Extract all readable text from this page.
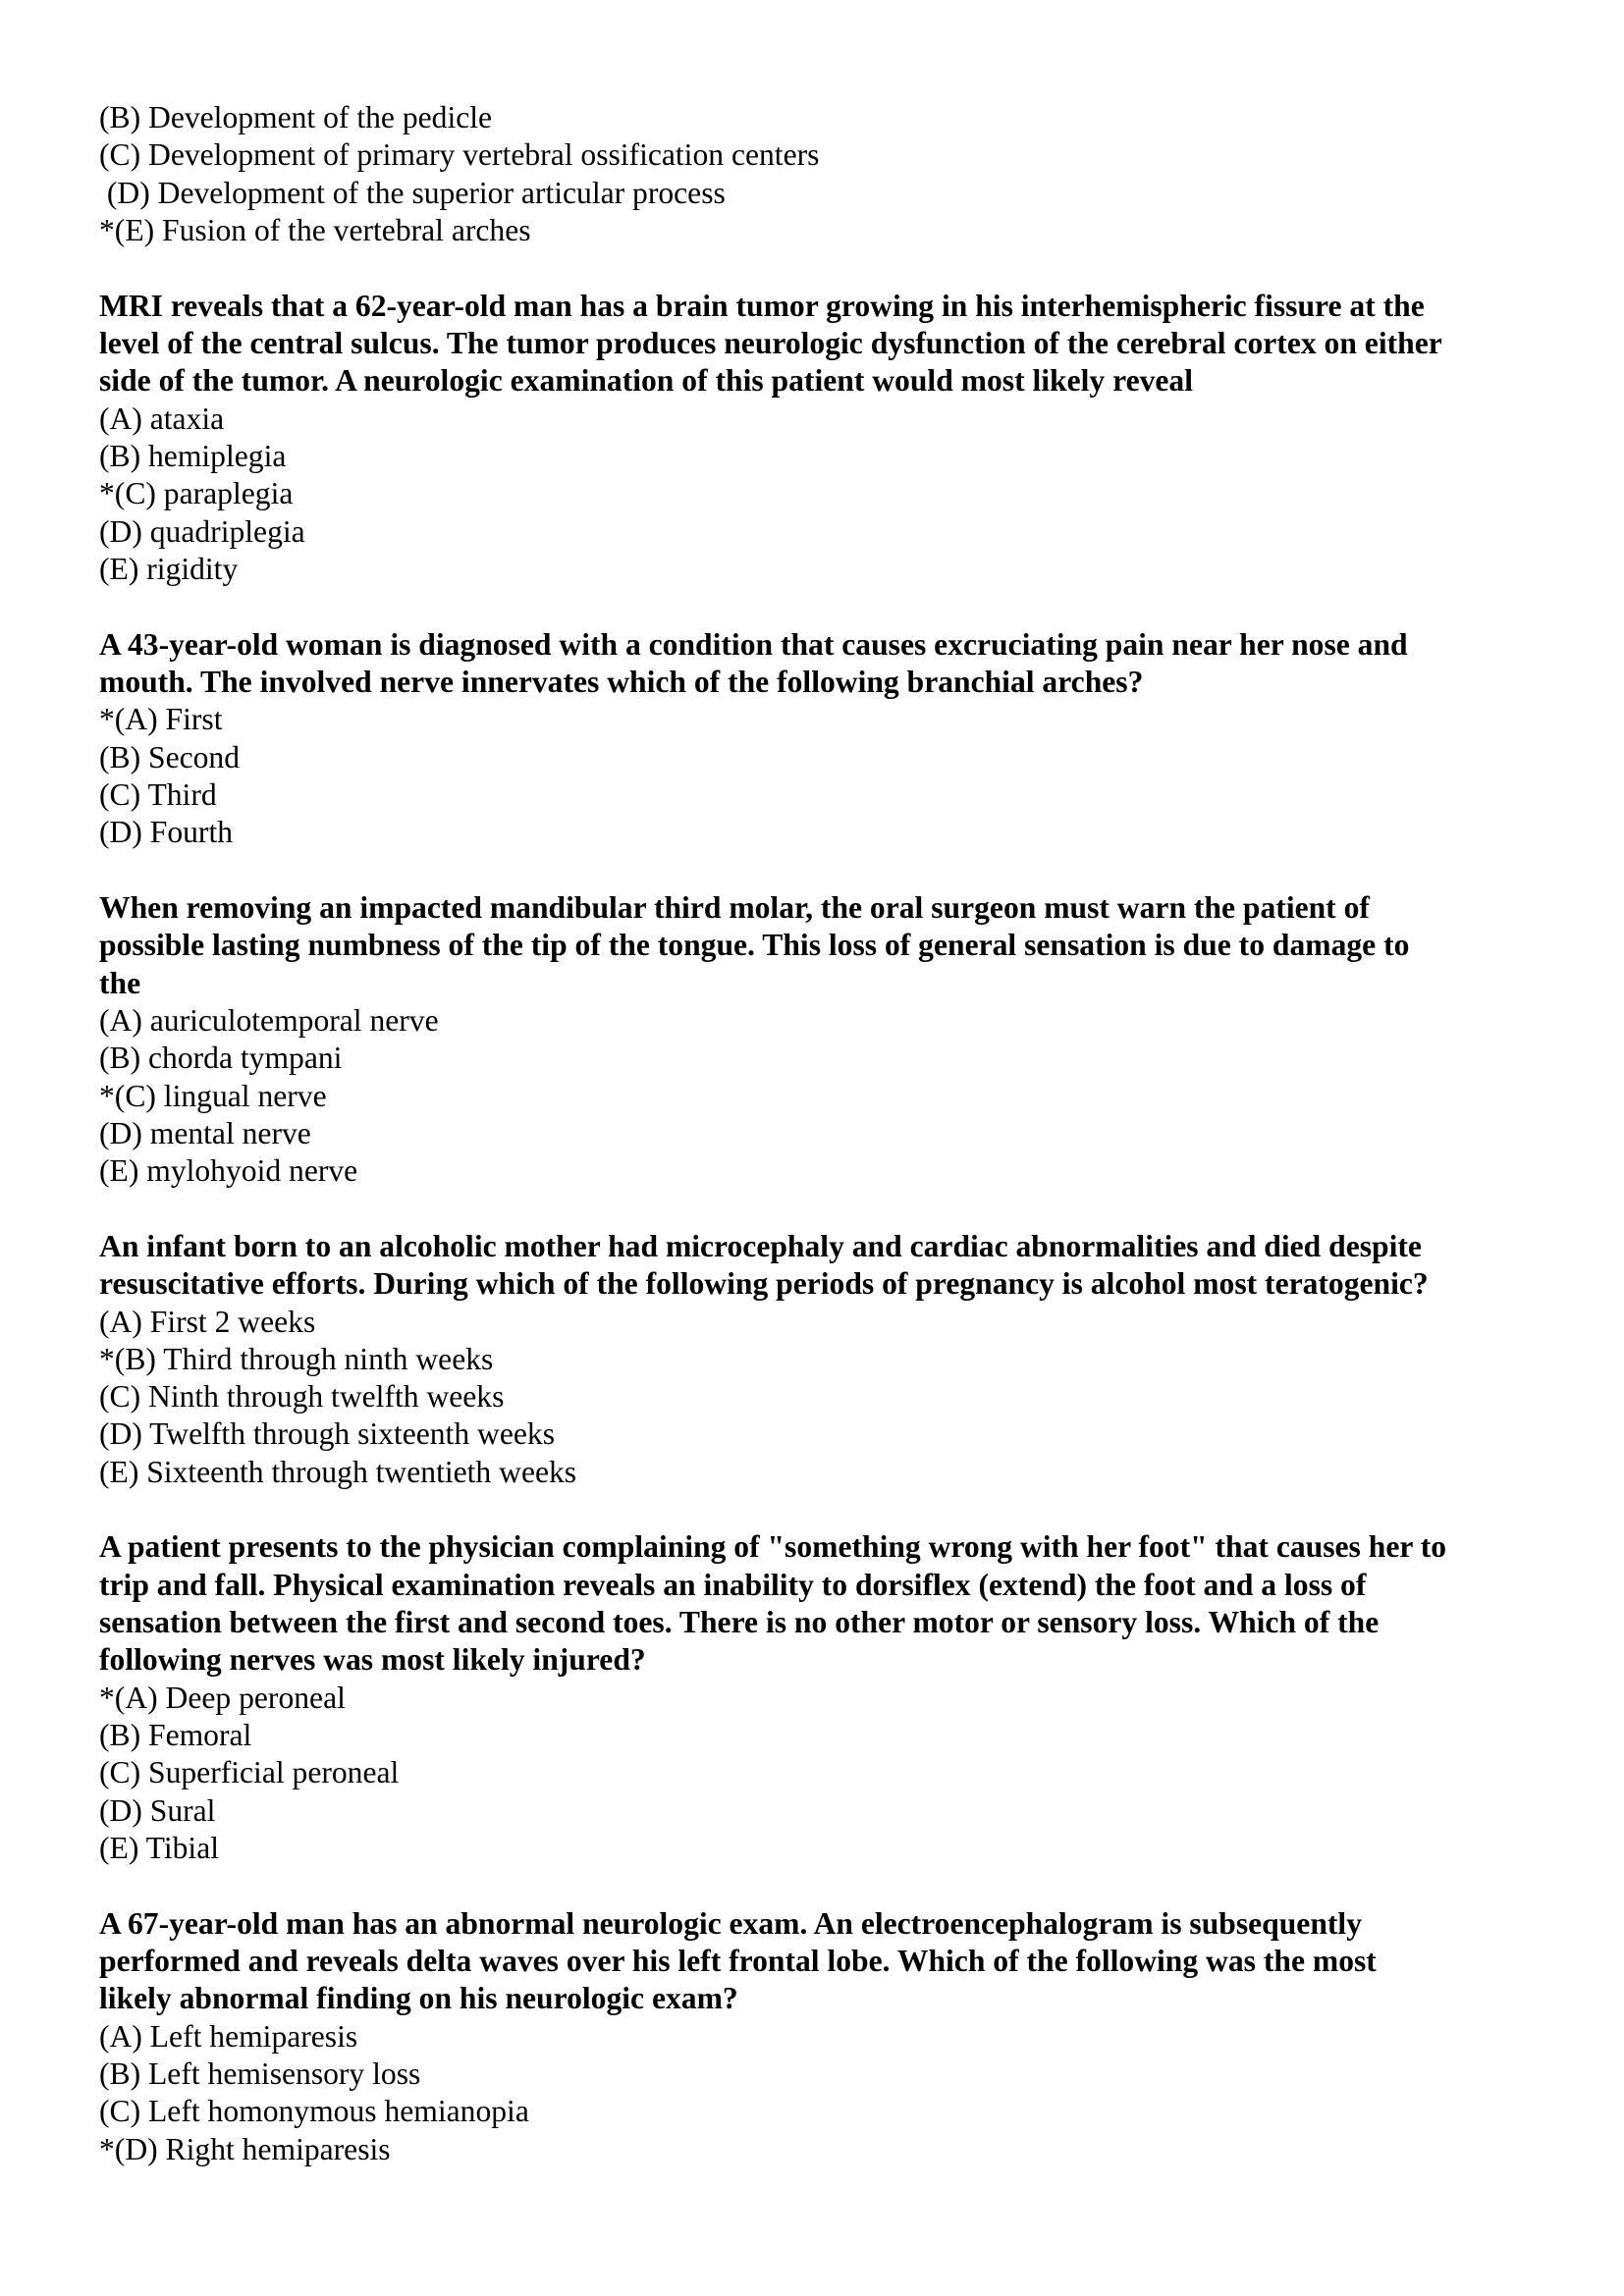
(B) Development of the pedicle
(C) Development of primary vertebral ossification centers
(D) Development of the superior articular process
*(E) Fusion of the vertebral arches
MRI reveals that a 62-year-old man has a brain tumor growing in his interhemispheric fissure at the
level of the central sulcus. The tumor produces neurologic dysfunction of the cerebral cortex on either
side of the tumor. A neurologic examination of this patient would most likely reveal
(A) ataxia
(B) hemiplegia
*(C) paraplegia
(D) quadriplegia
(E) rigidity
A 43-year-old woman is diagnosed with a condition that causes excruciating pain near her nose and
mouth. The involved nerve innervates which of the following branchial arches?
*(A) First
(B) Second
(C) Third
(D) Fourth
When removing an impacted mandibular third molar, the oral surgeon must warn the patient of
possible lasting numbness of the tip of the tongue. This loss of general sensation is due to damage to
the
(A) auriculotemporal nerve
(B) chorda tympani
*(C) lingual nerve
(D) mental nerve
(E) mylohyoid nerve
An infant born to an alcoholic mother had microcephaly and cardiac abnormalities and died despite
resuscitative efforts. During which of the following periods of pregnancy is alcohol most teratogenic?
(A) First 2 weeks
*(B) Third through ninth weeks
(C) Ninth through twelfth weeks
(D) Twelfth through sixteenth weeks
(E) Sixteenth through twentieth weeks
A patient presents to the physician complaining of "something wrong with her foot" that causes her to
trip and fall. Physical examination reveals an inability to dorsiflex (extend) the foot and a loss of
sensation between the first and second toes. There is no other motor or sensory loss. Which of the
following nerves was most likely injured?
*(A) Deep peroneal
(B) Femoral
(C) Superficial peroneal
(D) Sural
(E) Tibial
A 67-year-old man has an abnormal neurologic exam. An electroencephalogram is subsequently
performed and reveals delta waves over his left frontal lobe. Which of the following was the most
likely abnormal finding on his neurologic exam?
(A) Left hemiparesis
(B) Left hemisensory loss
(C) Left homonymous hemianopia
*(D) Right hemiparesis
